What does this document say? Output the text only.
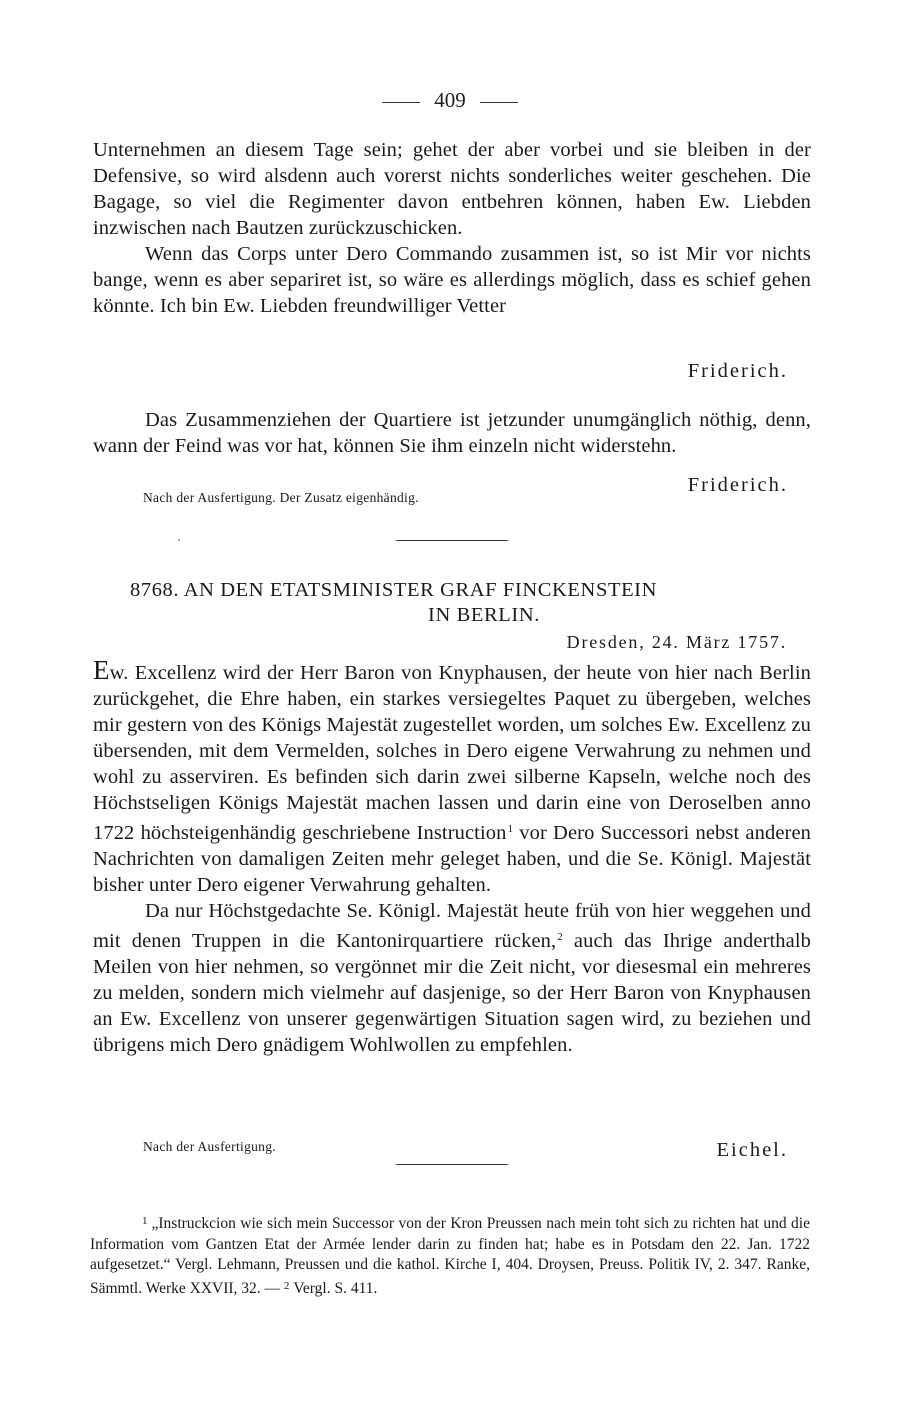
409

Unternehmen an diesem Tage sein; gehet der aber vorbei und sie bleiben in der Defensive, so wird alsdenn auch vorerst nichts sonderliches weiter geschehen. Die Bagage, so viel die Regimenter davon entbehren können, haben Ew. Liebden inzwischen nach Bautzen zurückzuschicken.

Wenn das Corps unter Dero Commando zusammen ist, so ist Mir vor nichts bange, wenn es aber separiret ist, so wäre es allerdings möglich, dass es schief gehen könnte. Ich bin Ew. Liebden freundwilliger Vetter

Friderich.

Das Zusammenziehen der Quartiere ist jetzunder unumgänglich nöthig, denn, wann der Feind was vor hat, können Sie ihm einzeln nicht widerstehn.

Friderich.
Nach der Ausfertigung. Der Zusatz eigenhändig.
8768. AN DEN ETATSMINISTER GRAF FINCKENSTEIN
IN BERLIN.
Dresden, 24. März 1757.

Ew. Excellenz wird der Herr Baron von Knyphausen, der heute von hier nach Berlin zurückgehet, die Ehre haben, ein starkes versiegeltes Paquet zu übergeben, welches mir gestern von des Königs Majestät zugestellet worden, um solches Ew. Excellenz zu übersenden, mit dem Vermelden, solches in Dero eigene Verwahrung zu nehmen und wohl zu asserviren. Es befinden sich darin zwei silberne Kapseln, welche noch des Höchstseligen Königs Majestät machen lassen und darin eine von Deroselben anno 1722 höchsteigenhändig geschriebene Instruction$^1$ vor Dero Successori nebst anderen Nachrichten von damaligen Zeiten mehr geleget haben, und die Se. Königl. Majestät bisher unter Dero eigener Verwahrung gehalten.

Da nur Höchstgedachte Se. Königl. Majestät heute früh von hier weggehen und mit denen Truppen in die Kantonirquartiere rücken,$^2$ auch das Ihrige anderthalb Meilen von hier nehmen, so vergönnet mir die Zeit nicht, vor diesesmal ein mehreres zu melden, sondern mich vielmehr auf dasjenige, so der Herr Baron von Knyphausen an Ew. Excellenz von unserer gegenwärtigen Situation sagen wird, zu beziehen und übrigens mich Dero gnädigem Wohlwollen zu empfehlen.

Nach der Ausfertigung.	Eichel.

$^1$ „Instruckcion wie sich mein Successor von der Kron Preussen nach mein toht sich zu richten hat und die Information vom Gantzen Etat der Armée lender darin zu finden hat; habe es in Potsdam den 22. Jan. 1722 aufgesetzet.“ Vergl. Lehmann, Preussen und die kathol. Kirche I, 404. Droysen, Preuss. Politik IV, 2. 347. Ranke, Sämmtl. Werke XXVII, 32. — $^2$ Vergl. S. 411.
